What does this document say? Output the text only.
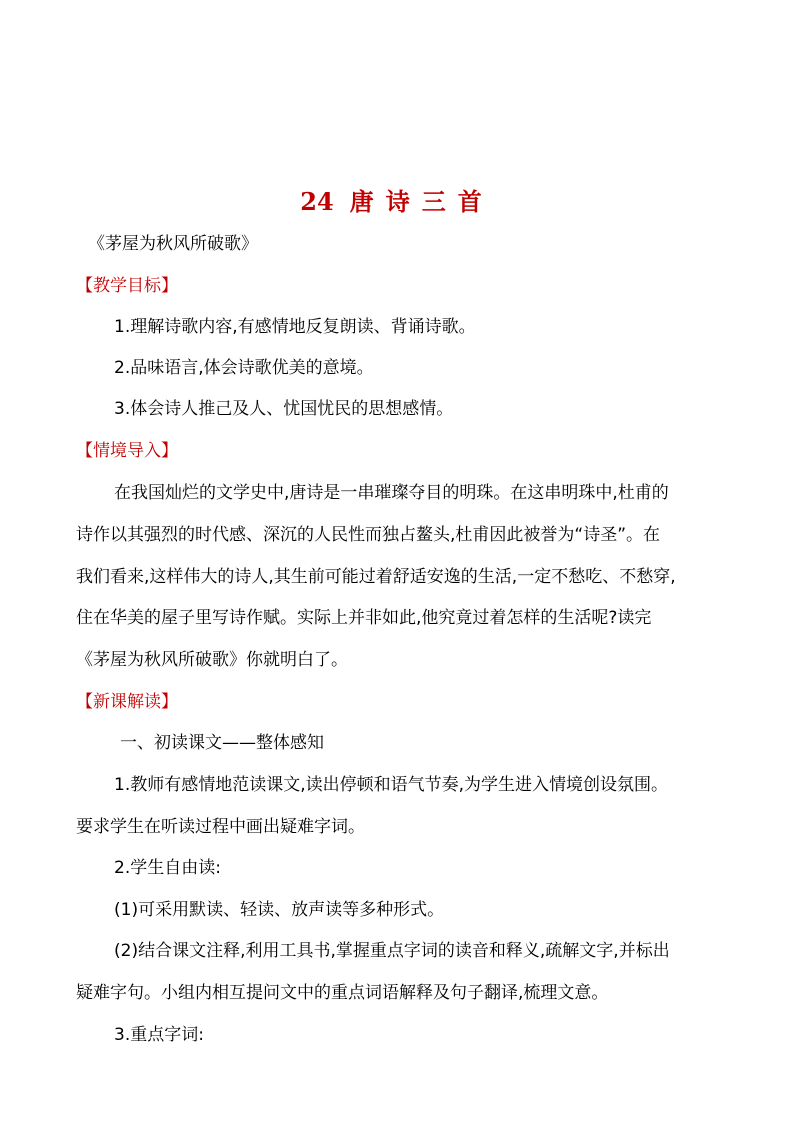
24 唐诗三首
《茅屋为秋风所破歌》
【教学目标】
1.理解诗歌内容,有感情地反复朗读、背诵诗歌。
2.品味语言,体会诗歌优美的意境。
3.体会诗人推己及人、忧国忧民的思想感情。
【情境导入】
在我国灿烂的文学史中,唐诗是一串璀璨夺目的明珠。在这串明珠中,杜甫的
诗作以其强烈的时代感、深沉的人民性而独占鳌头,杜甫因此被誉为“诗圣”。在
我们看来,这样伟大的诗人,其生前可能过着舒适安逸的生活,一定不愁吃、不愁穿,
住在华美的屋子里写诗作赋。实际上并非如此,他究竟过着怎样的生活呢?读完
《茅屋为秋风所破歌》你就明白了。
【新课解读】
一、初读课文——整体感知
1.教师有感情地范读课文,读出停顿和语气节奏,为学生进入情境创设氛围。
要求学生在听读过程中画出疑难字词。
2.学生自由读:
(1)可采用默读、轻读、放声读等多种形式。
(2)结合课文注释,利用工具书,掌握重点字词的读音和释义,疏解文字,并标出
疑难字句。小组内相互提问文中的重点词语解释及句子翻译,梳理文意。
3.重点字词:
